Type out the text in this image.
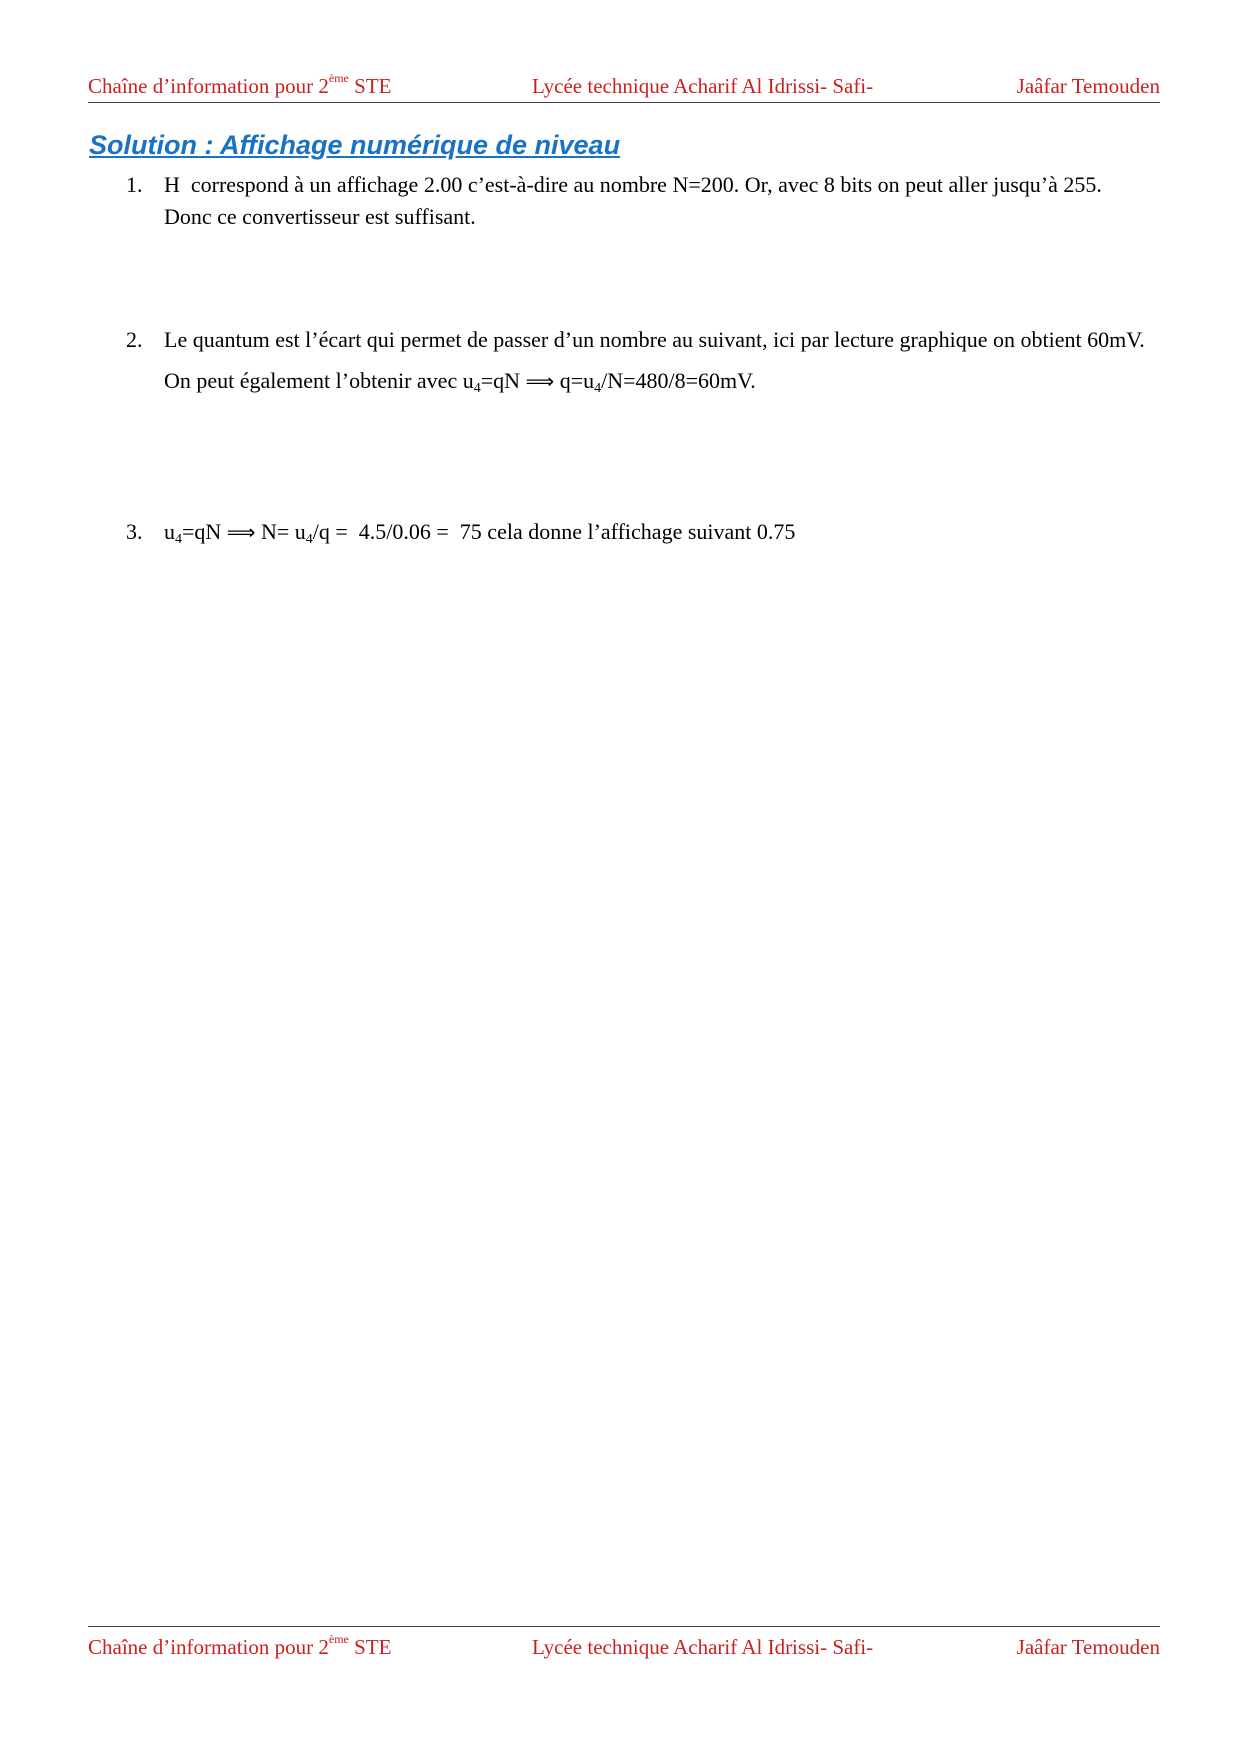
Chaîne d’information pour 2ème STE	Lycée technique Acharif Al Idrissi- Safi-	Jaâfar Temouden
Solution : Affichage numérique de niveau
1. H  correspond à un affichage 2.00 c’est-à-dire au nombre N=200. Or, avec 8 bits on peut aller jusqu’à 255. Donc ce convertisseur est suffisant.

2. Le quantum est l’écart qui permet de passer d’un nombre au suivant, ici par lecture graphique on obtient 60mV.

On peut également l’obtenir avec $u_4=qN$ ⟹ $q=u_4/N=480/8=60mV$.

3. $u_4=qN$ ⟹ $N= u_4/q = 4.5/0.06 = 75$ cela donne l’affichage suivant 0.75

Chaîne d’information pour 2ème STE	Lycée technique Acharif Al Idrissi- Safi-	Jaâfar Temouden
